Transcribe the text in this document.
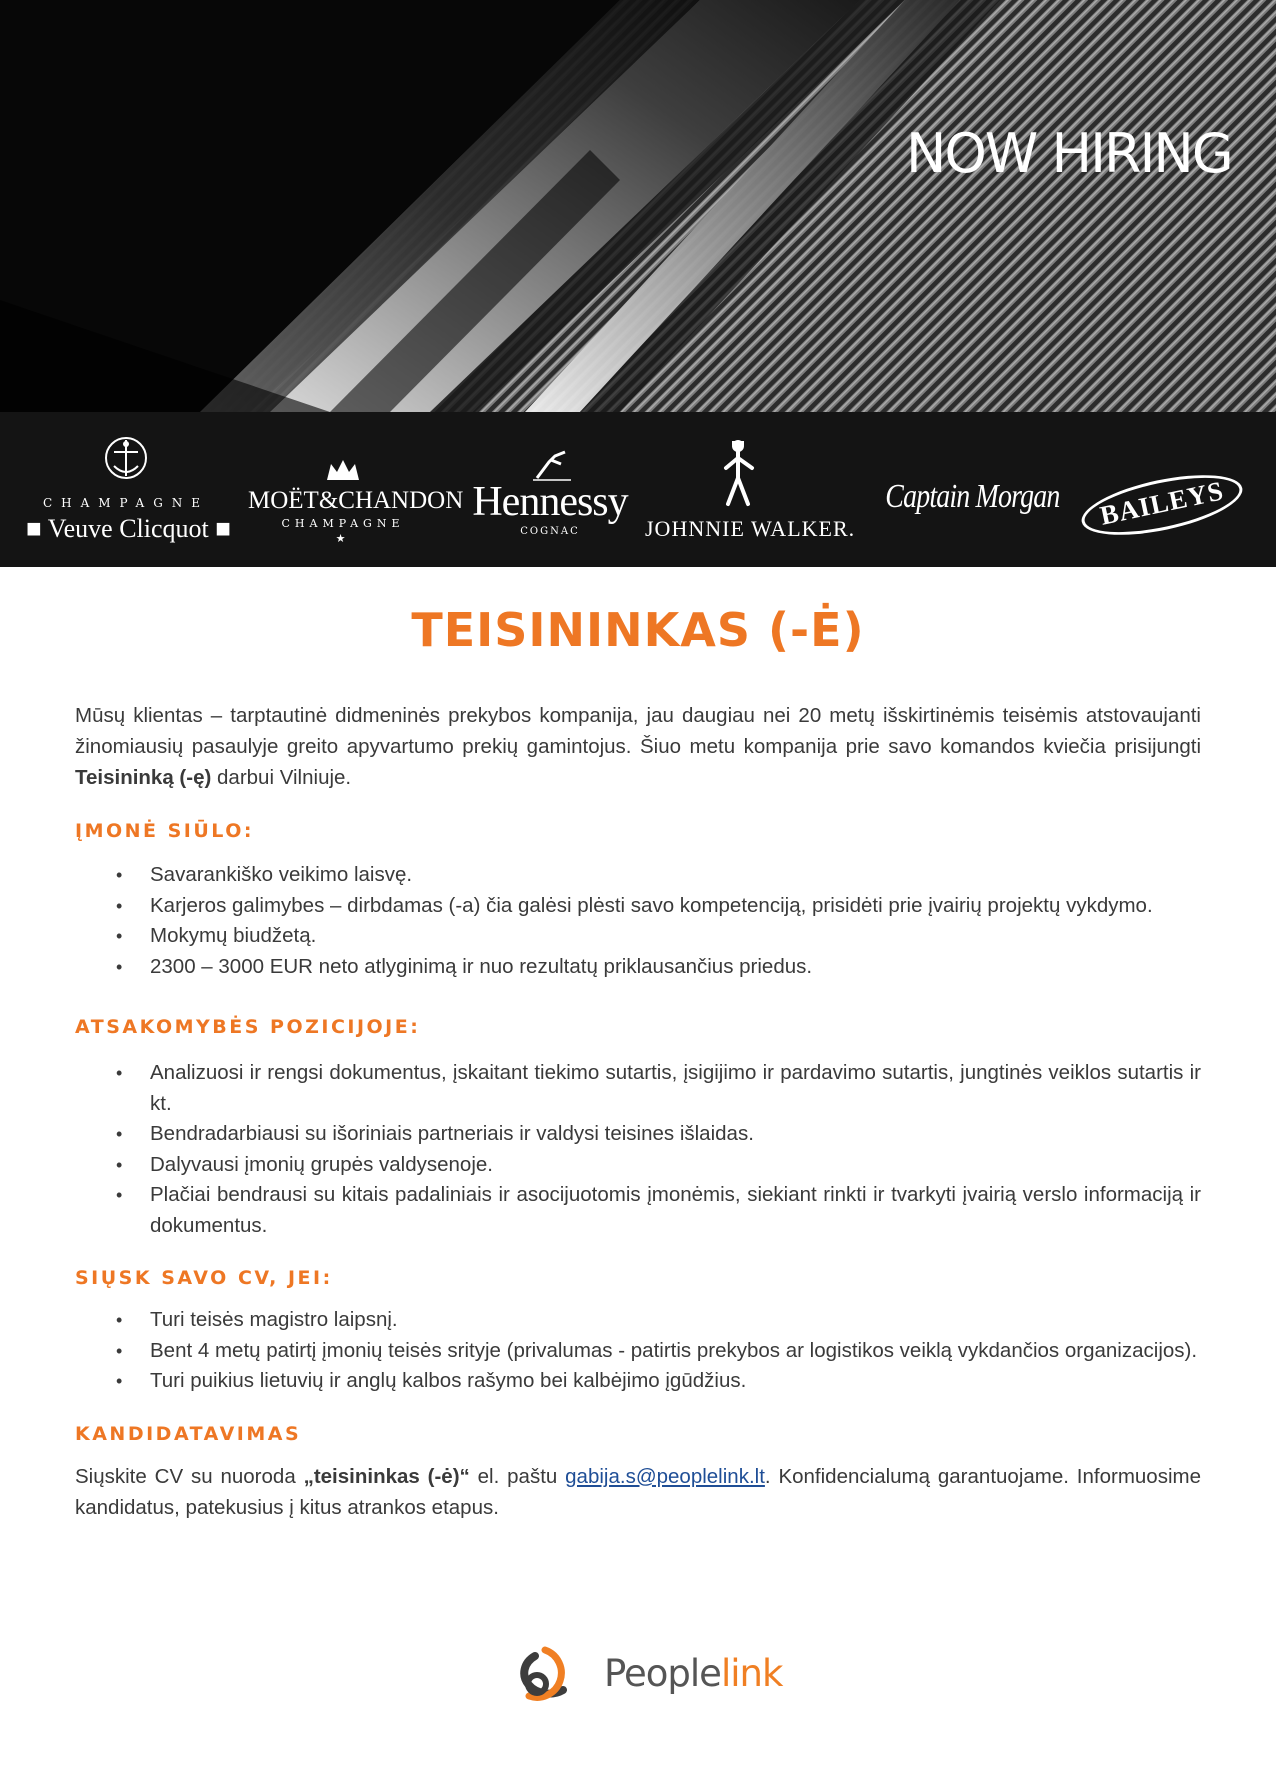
NOW HIRING
CHAMPAGNE
■ Veuve Clicquot ■
MOËT&CHANDON
CHAMPAGNE
★
Hennessy
COGNAC	JOHNNIE WALKER.
Captain Morgan	BAILEYS
TEISININKAS (-Ė)

Mūsų klientas – tarptautinė didmeninės prekybos kompanija, jau daugiau nei 20 metų išskirtinėmis teisėmis atstovaujanti žinomiausių pasaulyje greito apyvartumo prekių gamintojus. Šiuo metu kompanija prie savo komandos kviečia prisijungti Teisininką (-ę) darbui Vilniuje.

ĮMONĖ SIŪLO:
• Savarankiško veikimo laisvę.
• Karjeros galimybes – dirbdamas (-a) čia galėsi plėsti savo kompetenciją, prisidėti prie įvairių projektų vykdymo.
• Mokymų biudžetą.
• 2300 – 3000 EUR neto atlyginimą ir nuo rezultatų priklausančius priedus.
ATSAKOMYBĖS POZICIJOJE:
• Analizuosi ir rengsi dokumentus, įskaitant tiekimo sutartis, įsigijimo ir pardavimo sutartis, jungtinės veiklos sutartis ir kt.
• Bendradarbiausi su išoriniais partneriais ir valdysi teisines išlaidas.
• Dalyvausi įmonių grupės valdysenoje.
• Plačiai bendrausi su kitais padaliniais ir asocijuotomis įmonėmis, siekiant rinkti ir tvarkyti įvairią verslo informaciją ir dokumentus.
SIŲSK SAVO CV, JEI:
• Turi teisės magistro laipsnį.
• Bent 4 metų patirtį įmonių teisės srityje (privalumas - patirtis prekybos ar logistikos veiklą vykdančios organizacijos).
• Turi puikius lietuvių ir anglų kalbos rašymo bei kalbėjimo įgūdžius.
KANDIDATAVIMAS

Siųskite CV su nuoroda „teisininkas (-ė)“ el. paštu gabija.s@peoplelink.lt. Konfidencialumą garantuojame. Informuosime kandidatus, patekusius į kitus atrankos etapus.

Peoplelink
